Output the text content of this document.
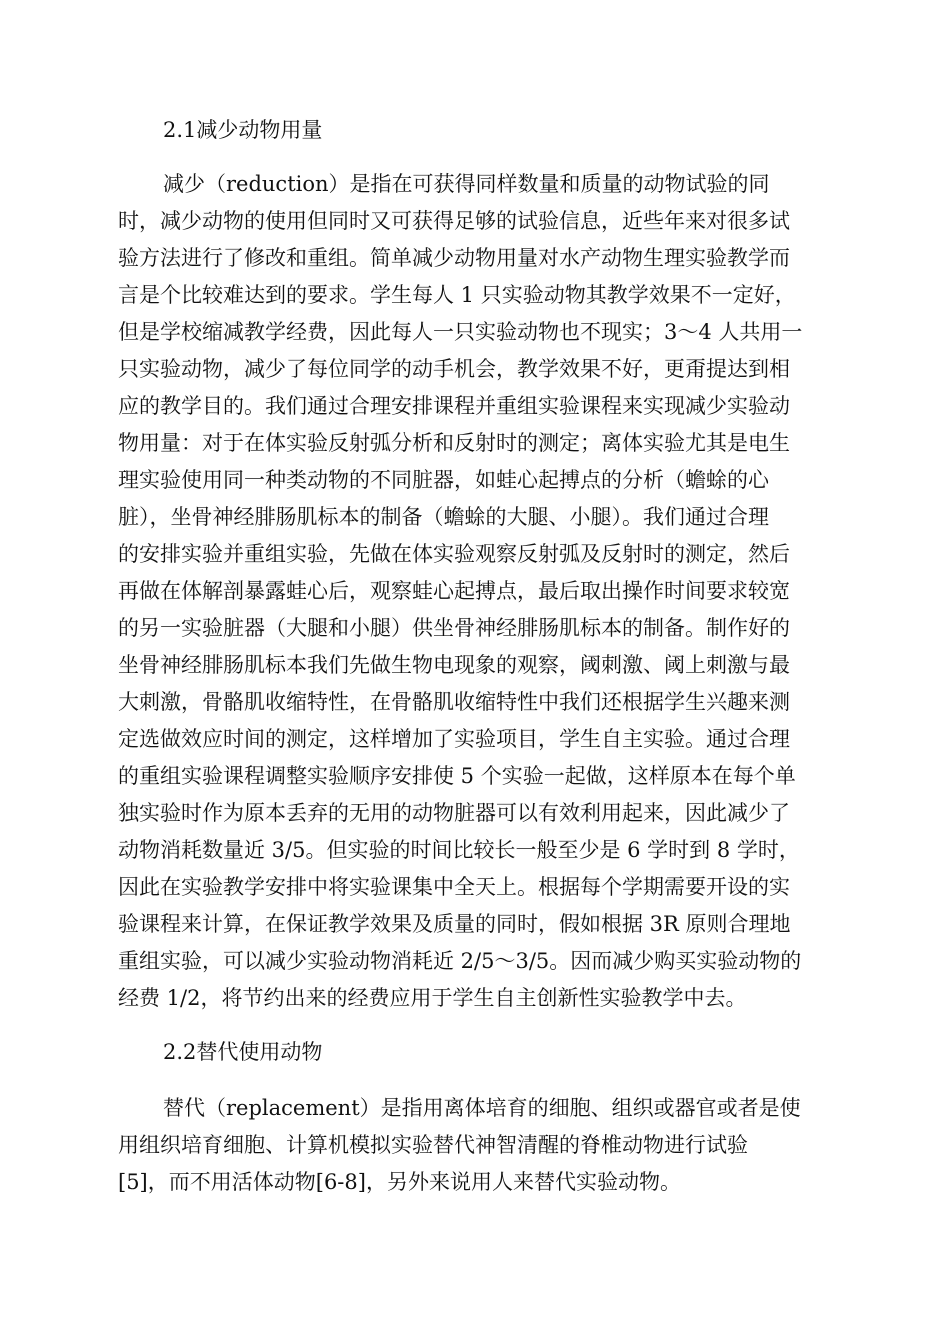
2.1减少动物用量
减少（reduction）是指在可获得同样数量和质量的动物试验的同
时，减少动物的使用但同时又可获得足够的试验信息，近些年来对很多试
验方法进行了修改和重组。简单减少动物用量对水产动物生理实验教学而
言是个比较难达到的要求。学生每人 1 只实验动物其教学效果不一定好，
但是学校缩减教学经费，因此每人一只实验动物也不现实；3～4 人共用一
只实验动物，减少了每位同学的动手机会，教学效果不好，更甭提达到相
应的教学目的。我们通过合理安排课程并重组实验课程来实现减少实验动
物用量：对于在体实验反射弧分析和反射时的测定；离体实验尤其是电生
理实验使用同一种类动物的不同脏器，如蛙心起搏点的分析（蟾蜍的心
脏），坐骨神经腓肠肌标本的制备（蟾蜍的大腿、小腿）。我们通过合理
的安排实验并重组实验，先做在体实验观察反射弧及反射时的测定，然后
再做在体解剖暴露蛙心后，观察蛙心起搏点，最后取出操作时间要求较宽
的另一实验脏器（大腿和小腿）供坐骨神经腓肠肌标本的制备。制作好的
坐骨神经腓肠肌标本我们先做生物电现象的观察，阈刺激、阈上刺激与最
大刺激，骨骼肌收缩特性，在骨骼肌收缩特性中我们还根据学生兴趣来测
定选做效应时间的测定，这样增加了实验项目，学生自主实验。通过合理
的重组实验课程调整实验顺序安排使 5 个实验一起做，这样原本在每个单
独实验时作为原本丢弃的无用的动物脏器可以有效利用起来，因此减少了
动物消耗数量近 3/5。但实验的时间比较长一般至少是 6 学时到 8 学时，
因此在实验教学安排中将实验课集中全天上。根据每个学期需要开设的实
验课程来计算，在保证教学效果及质量的同时，假如根据 3R 原则合理地
重组实验，可以减少实验动物消耗近 2/5～3/5。因而减少购买实验动物的
经费 1/2，将节约出来的经费应用于学生自主创新性实验教学中去。
2.2替代使用动物
替代（replacement）是指用离体培育的细胞、组织或器官或者是使
用组织培育细胞、计算机模拟实验替代神智清醒的脊椎动物进行试验
[5]，而不用活体动物[6-8]，另外来说用人来替代实验动物。
